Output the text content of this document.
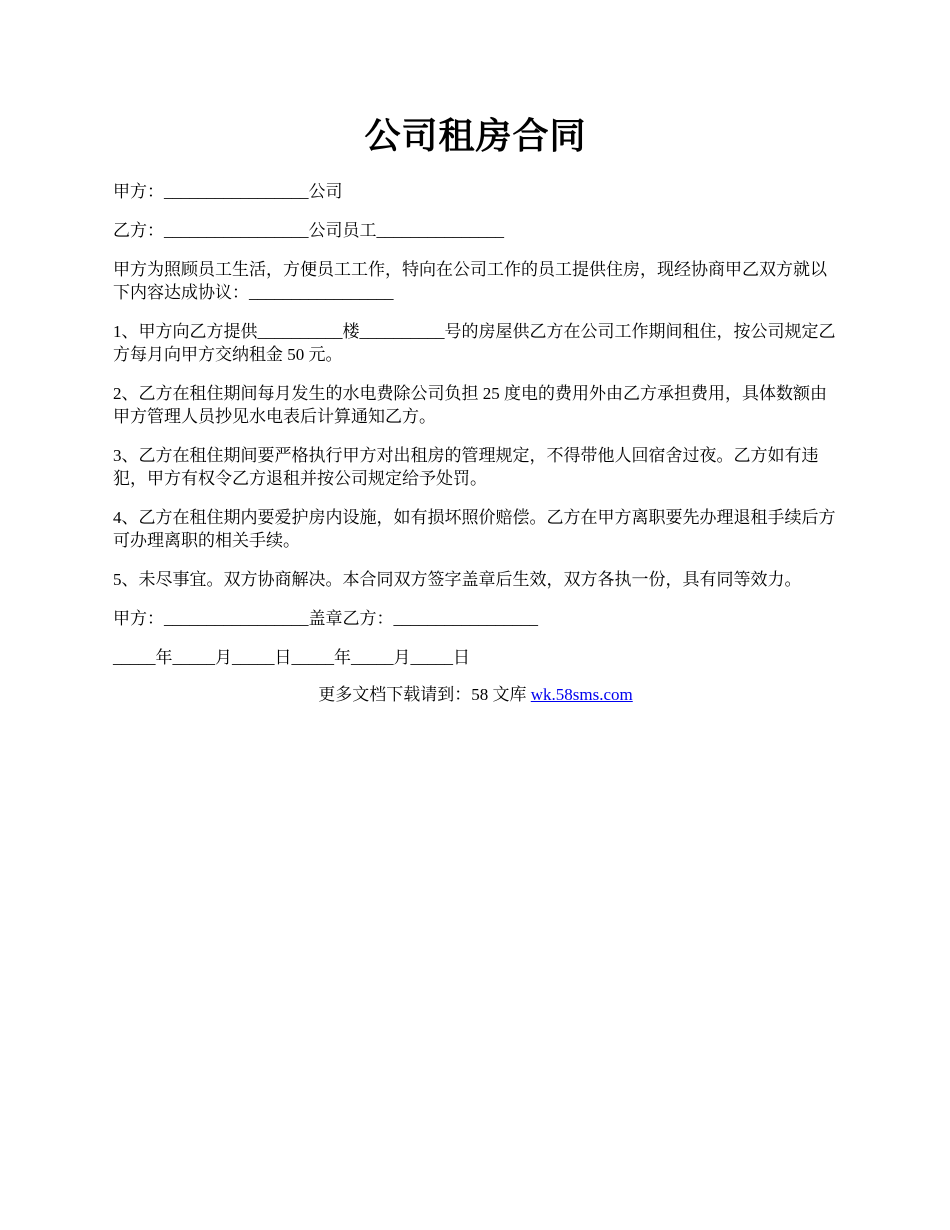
公司租房合同

甲方：_________________公司

乙方：_________________公司员工_______________

甲方为照顾员工生活，方便员工工作，特向在公司工作的员工提供住房，现经协商甲乙双方就以下内容达成协议：_________________

1、甲方向乙方提供__________楼__________号的房屋供乙方在公司工作期间租住，按公司规定乙方每月向甲方交纳租金 50 元。

2、乙方在租住期间每月发生的水电费除公司负担 25 度电的费用外由乙方承担费用，具体数额由甲方管理人员抄见水电表后计算通知乙方。

3、乙方在租住期间要严格执行甲方对出租房的管理规定，不得带他人回宿舍过夜。乙方如有违犯，甲方有权令乙方退租并按公司规定给予处罚。

4、乙方在租住期内要爱护房内设施，如有损坏照价赔偿。乙方在甲方离职要先办理退租手续后方可办理离职的相关手续。

5、未尽事宜。双方协商解决。本合同双方签字盖章后生效，双方各执一份，具有同等效力。

甲方：_________________盖章乙方：_________________

_____年_____月_____日_____年_____月_____日

更多文档下载请到：58 文库 wk.58sms.com
